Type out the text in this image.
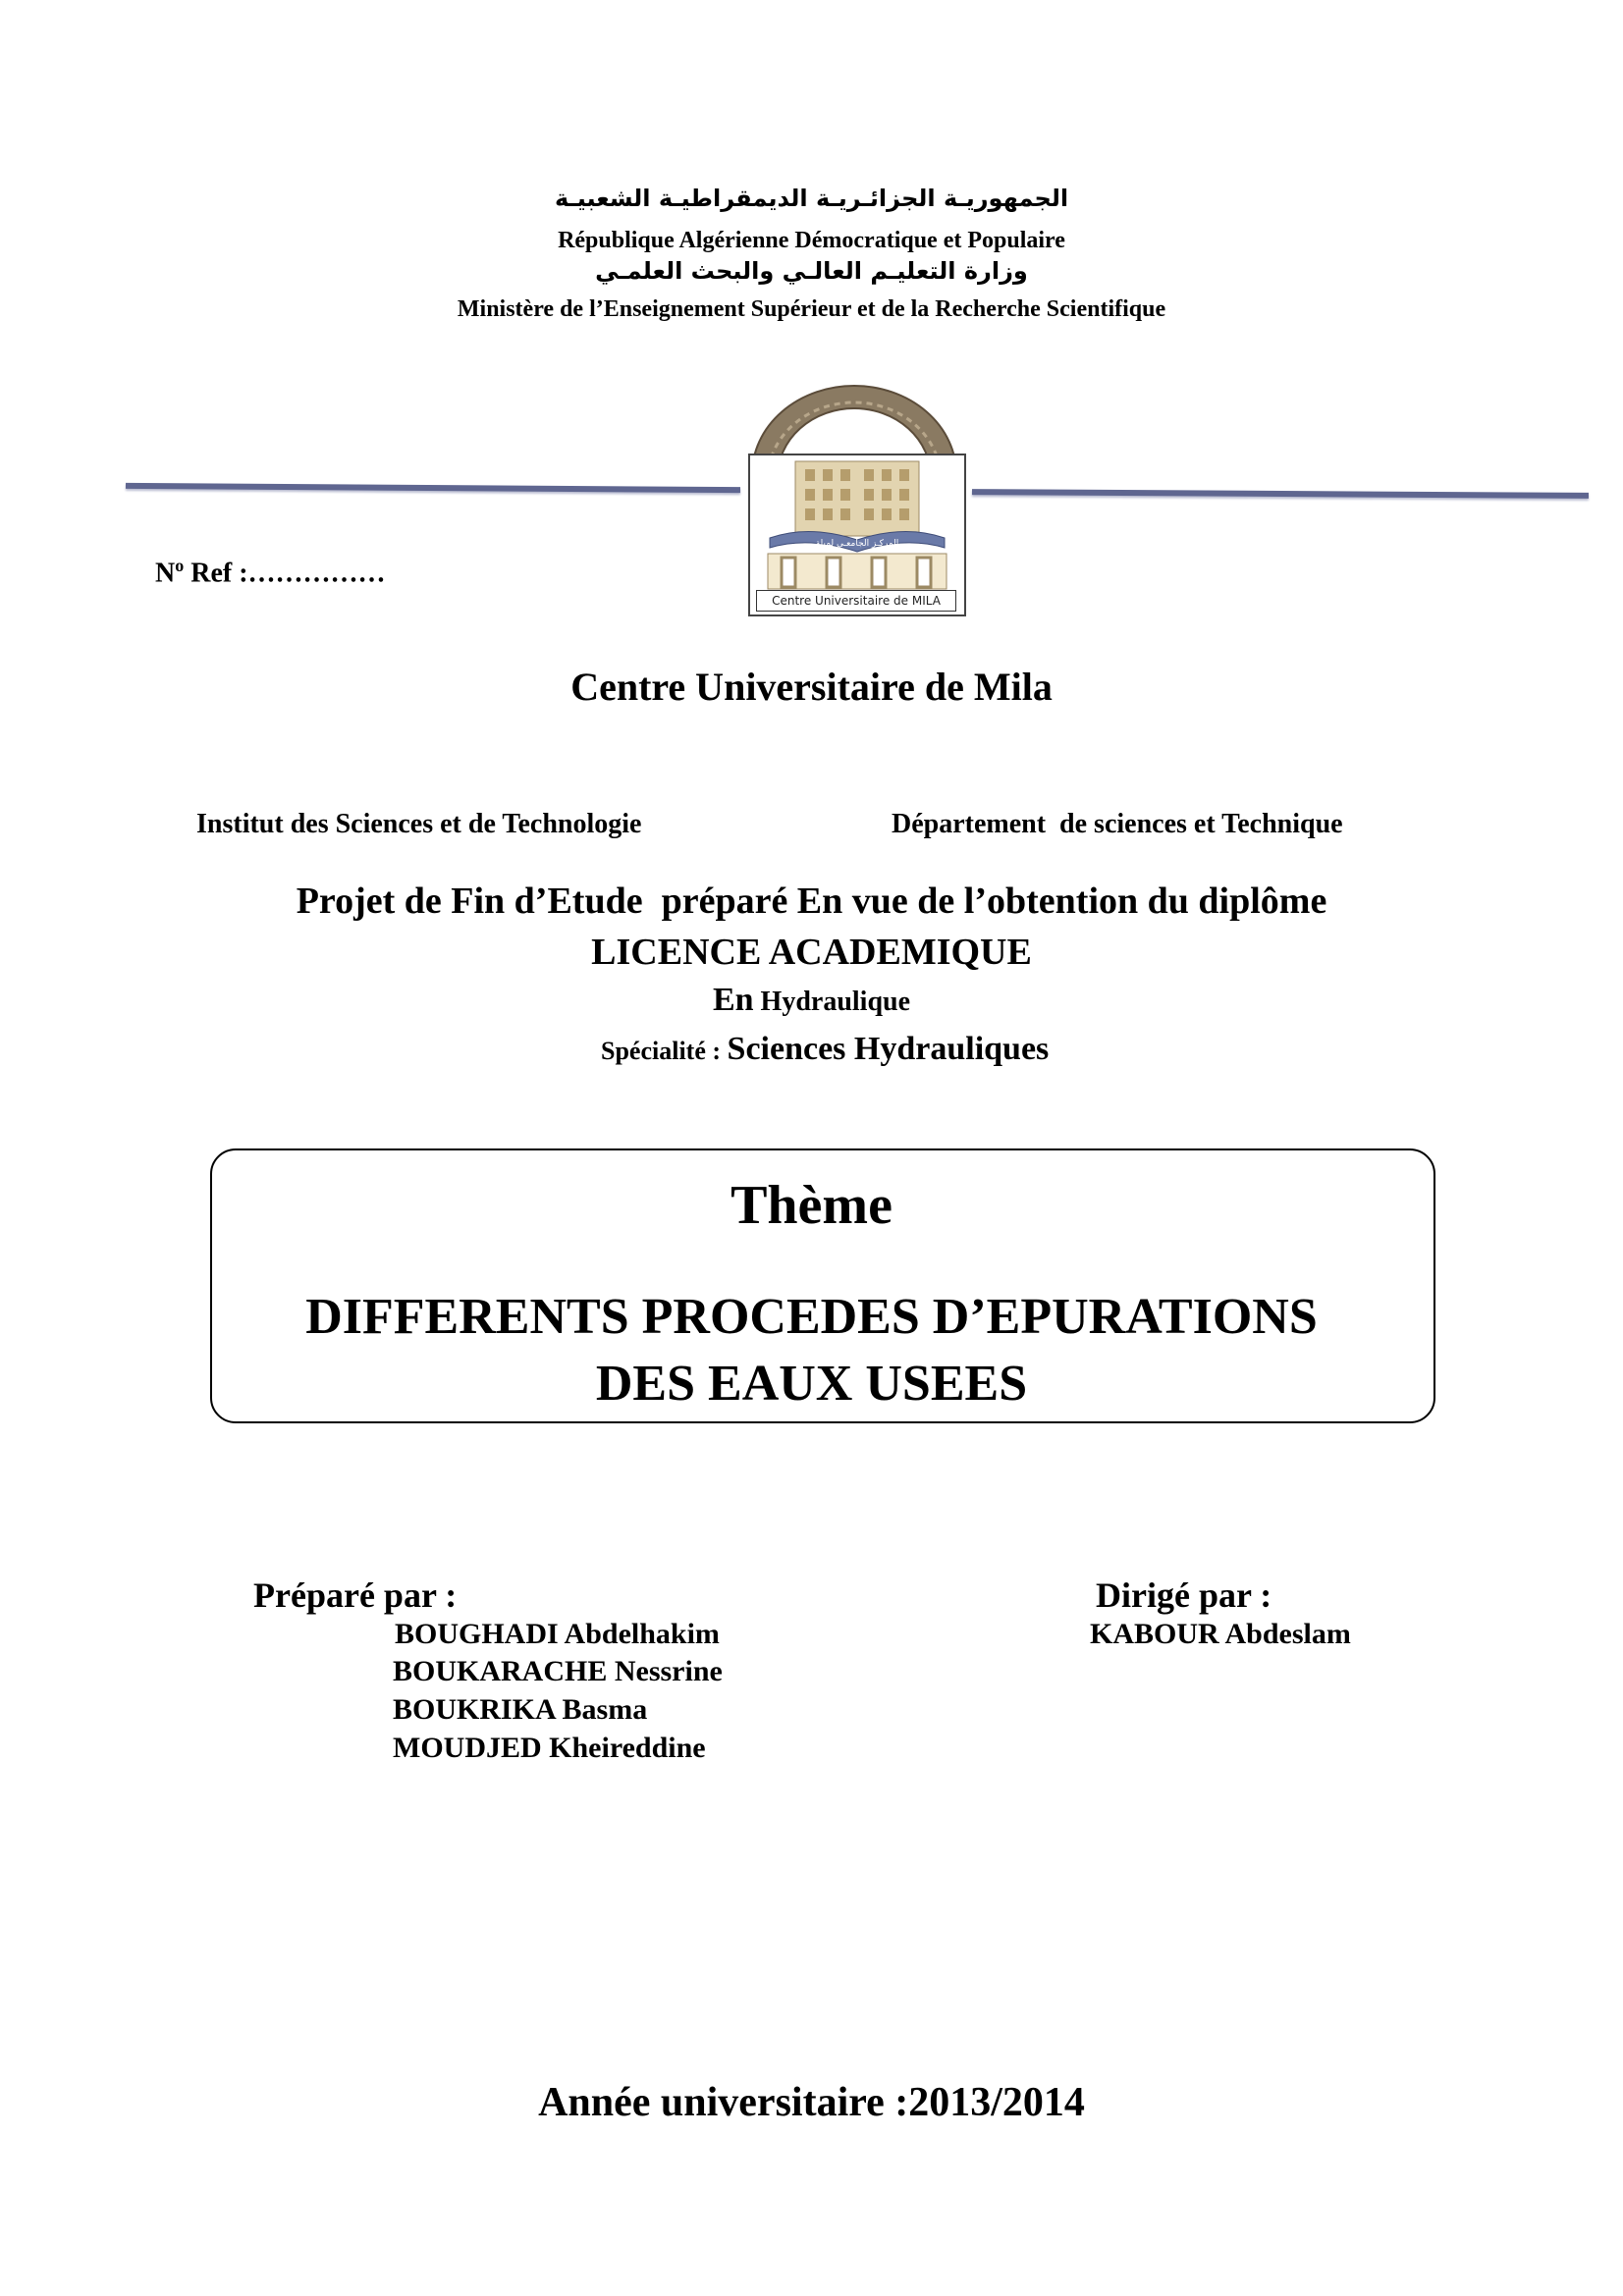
الجمهوريـة الجزائـريـة الديمقراطيـة الشعبيـة
République Algérienne Démocratique et Populaire
وزارة التعليـم العالـي والبحث العلمـي
Ministère de l’Enseignement Supérieur et de la Recherche Scientifique
المركـز الجامعـي لميلة
Centre Universitaire de MILA
$N^o$ Ref :……………
Centre Universitaire de Mila
Institut des Sciences et de Technologie	Département  de sciences et Technique
Projet de Fin d’Etude  préparé En vue de l’obtention du diplôme
LICENCE ACADEMIQUE
En Hydraulique
Spécialité : Sciences Hydrauliques
Thème
DIFFERENTS PROCEDES D’EPURATIONS
DES EAUX USEES
Préparé par :
BOUGHADI Abdelhakim
BOUKARACHE Nessrine
BOUKRIKA Basma
MOUDJED Kheireddine
Dirigé par :
KABOUR Abdeslam
Année universitaire :2013/2014
